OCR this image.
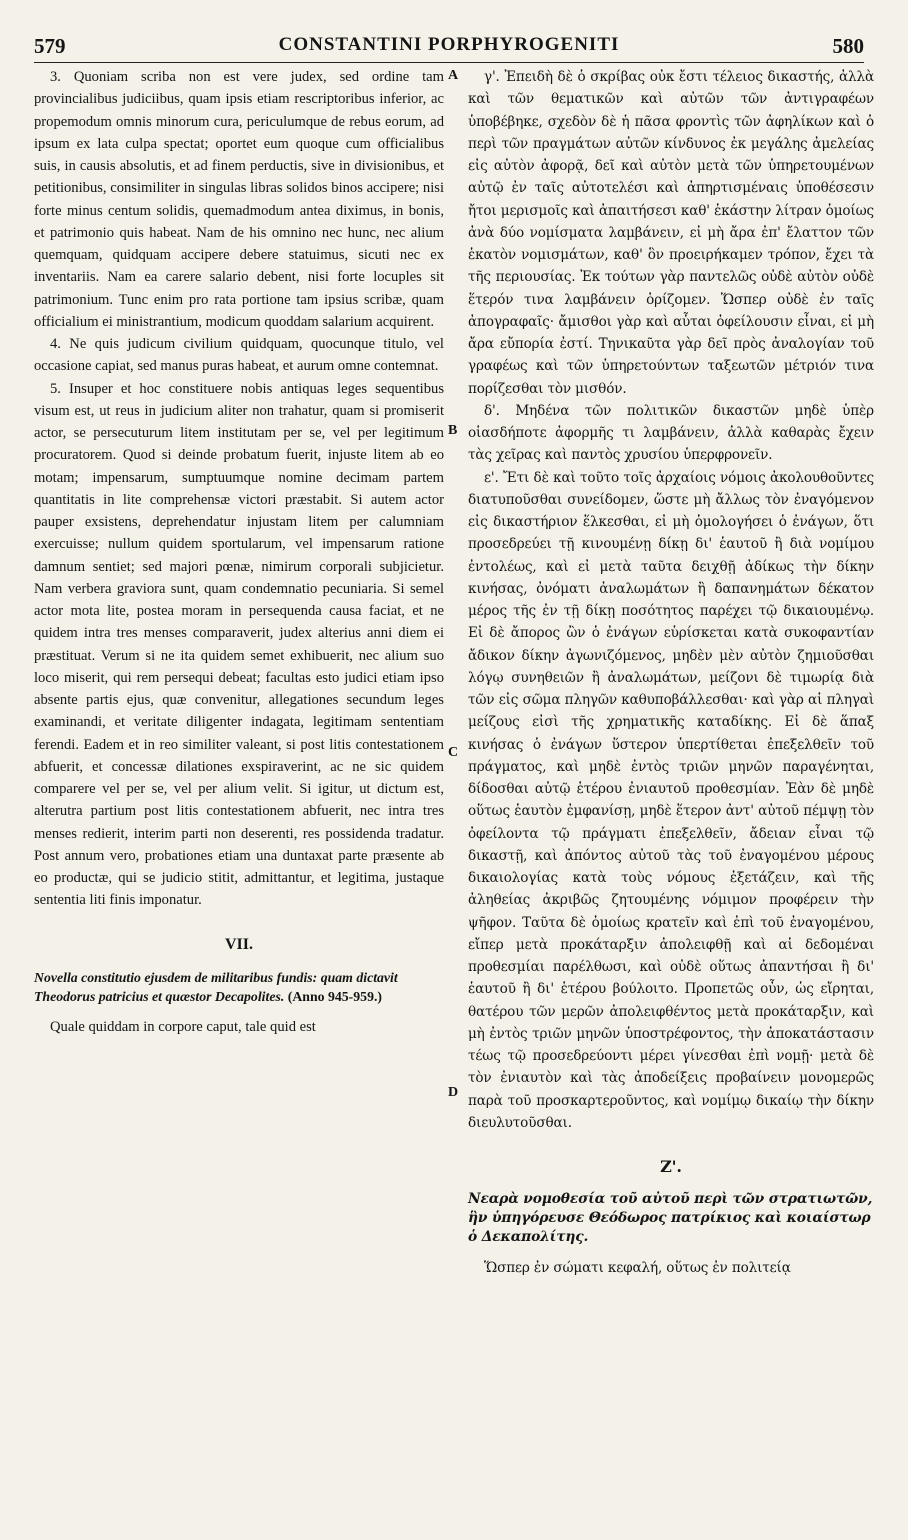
579	CONSTANTINI PORPHYROGENITI	580
A
B
C
D

3. Quoniam scriba non est vere judex, sed ordine tam provincialibus judiciibus, quam ipsis etiam rescriptoribus inferior, ac propemodum omnis minorum cura, periculumque de rebus eorum, ad ipsum ex lata culpa spectat; oportet eum quoque cum officialibus suis, in causis absolutis, et ad finem perductis, sive in divisionibus, et petitionibus, consimiliter in singulas libras solidos binos accipere; nisi forte minus centum solidis, quemadmodum antea diximus, in bonis, et patrimonio quis habeat. Nam de his omnino nec hunc, nec alium quemquam, quidquam accipere debere statuimus, sicuti nec ex inventariis. Nam ea carere salario debent, nisi forte locuples sit patrimonium. Tunc enim pro rata portione tam ipsius scribæ, quam officialium ei ministrantium, modicum quoddam salarium acquirent.

4. Ne quis judicum civilium quidquam, quocunque titulo, vel occasione capiat, sed manus puras habeat, et aurum omne contemnat.

5. Insuper et hoc constituere nobis antiquas leges sequentibus visum est, ut reus in judicium aliter non trahatur, quam si promiserit actor, se persecuturum litem institutam per se, vel per legitimum procuratorem. Quod si deinde probatum fuerit, injuste litem ab eo motam; impensarum, sumptuumque nomine decimam partem quantitatis in lite comprehensæ victori præstabit. Si autem actor pauper exsistens, deprehendatur injustam litem per calumniam exercuisse; nullum quidem sportularum, vel impensarum ratione damnum sentiet; sed majori pœnæ, nimirum corporali subjicietur. Nam verbera graviora sunt, quam condemnatio pecuniaria. Si semel actor mota lite, postea moram in persequenda causa faciat, et ne quidem intra tres menses comparaverit, judex alterius anni diem ei præstituat. Verum si ne ita quidem semet exhibuerit, nec alium suo loco miserit, qui rem persequi debeat; facultas esto judici etiam ipso absente partis ejus, quæ convenitur, allegationes secundum leges examinandi, et veritate diligenter indagata, legitimam sententiam ferendi. Eadem et in reo similiter valeant, si post litis contestationem abfuerit, et concessæ dilationes exspiraverint, ac ne sic quidem comparere vel per se, vel per alium velit. Si igitur, ut dictum est, alterutra partium post litis contestationem abfuerit, nec intra tres menses redierit, interim parti non deserenti, res possidenda tradatur. Post annum vero, probationes etiam una duntaxat parte præsente ab eo productæ, qui se judicio stitit, admittantur, et legitima, justaque sententia liti finis imponatur.

VII.

Novella constitutio ejusdem de militaribus fundis: quam dictavit Theodorus patricius et quæstor Decapolites. (Anno 945-959.)

Quale quiddam in corpore caput, tale quid est

γ'. Ἐπειδὴ δὲ ὁ σκρίβας οὐκ ἔστι τέλειος δικαστής, ἀλλὰ καὶ τῶν θεματικῶν καὶ αὐτῶν τῶν ἀντιγραφέων ὑποβέβηκε, σχεδὸν δὲ ἡ πᾶσα φροντὶς τῶν ἀφηλίκων καὶ ὁ περὶ τῶν πραγμάτων αὐτῶν κίνδυνος ἐκ μεγάλης ἀμελείας εἰς αὐτὸν ἀφορᾷ, δεῖ καὶ αὐτὸν μετὰ τῶν ὑπηρετουμένων αὐτῷ ἐν ταῖς αὐτοτελέσι καὶ ἀπηρτισμέναις ὑποθέσεσιν ἤτοι μερισμοῖς καὶ ἀπαιτήσεσι καθ' ἑκάστην λίτραν ὁμοίως ἀνὰ δύο νομίσματα λαμβάνειν, εἰ μὴ ἄρα ἐπ' ἔλαττον τῶν ἑκατὸν νομισμάτων, καθ' ὃν προειρήκαμεν τρόπον, ἔχει τὰ τῆς περιουσίας. Ἐκ τούτων γὰρ παντελῶς οὐδὲ αὐτὸν οὐδὲ ἕτερόν τινα λαμβάνειν ὁρίζομεν. Ὥσπερ οὐδὲ ἐν ταῖς ἀπογραφαῖς· ἄμισθοι γὰρ καὶ αὗται ὀφείλουσιν εἶναι, εἰ μὴ ἄρα εὔπορία ἐστί. Τηνικαῦτα γὰρ δεῖ πρὸς ἀναλογίαν τοῦ γραφέως καὶ τῶν ὑπηρετούντων ταξεωτῶν μέτριόν τινα πορίζεσθαι τὸν μισθόν.

δ'. Μηδένα τῶν πολιτικῶν δικαστῶν μηδὲ ὑπὲρ οἱασδήποτε ἀφορμῆς τι λαμβάνειν, ἀλλὰ καθαρὰς ἔχειν τὰς χεῖρας καὶ παντὸς χρυσίου ὑπερφρονεῖν.

ε'. Ἔτι δὲ καὶ τοῦτο τοῖς ἀρχαίοις νόμοις ἀκολουθοῦντες διατυποῦσθαι συνείδομεν, ὥστε μὴ ἄλλως τὸν ἐναγόμενον εἰς δικαστήριον ἕλκεσθαι, εἰ μὴ ὁμολογήσει ὁ ἐνάγων, ὅτι προσεδρεύει τῇ κινουμένῃ δίκῃ δι' ἑαυτοῦ ἢ διὰ νομίμου ἐντολέως, καὶ εἰ μετὰ ταῦτα δειχθῇ ἀδίκως τὴν δίκην κινήσας, ὀνόματι ἀναλωμάτων ἢ δαπανημάτων δέκατον μέρος τῆς ἐν τῇ δίκῃ ποσότητος παρέχει τῷ δικαιουμένῳ. Εἰ δὲ ἄπορος ὢν ὁ ἐνάγων εὑρίσκεται κατὰ συκοφαντίαν ἄδικον δίκην ἀγωνιζόμενος, μηδὲν μὲν αὐτὸν ζημιοῦσθαι λόγῳ συνηθειῶν ἢ ἀναλωμάτων, μείζονι δὲ τιμωρίᾳ διὰ τῶν εἰς σῶμα πληγῶν καθυποβάλλεσθαι· καὶ γὰρ αἱ πληγαὶ μείζους εἰσὶ τῆς χρηματικῆς καταδίκης. Εἰ δὲ ἅπαξ κινήσας ὁ ἐνάγων ὕστερον ὑπερτίθεται ἐπεξελθεῖν τοῦ πράγματος, καὶ μηδὲ ἐντὸς τριῶν μηνῶν παραγένηται, δίδοσθαι αὐτῷ ἑτέρου ἐνιαυτοῦ προθεσμίαν. Ἐὰν δὲ μηδὲ οὕτως ἑαυτὸν ἐμφανίσῃ, μηδὲ ἕτερον ἀντ' αὐτοῦ πέμψῃ τὸν ὀφείλοντα τῷ πράγματι ἐπεξελθεῖν, ἄδειαν εἶναι τῷ δικαστῇ, καὶ ἀπόντος αὐτοῦ τὰς τοῦ ἐναγομένου μέρους δικαιολογίας κατὰ τοὺς νόμους ἐξετάζειν, καὶ τῆς ἀληθείας ἀκριβῶς ζητουμένης νόμιμον προφέρειν τὴν ψῆφον. Ταῦτα δὲ ὁμοίως κρατεῖν καὶ ἐπὶ τοῦ ἐναγομένου, εἴπερ μετὰ προκάταρξιν ἀπολειφθῇ καὶ αἱ δεδομέναι προθεσμίαι παρέλθωσι, καὶ οὐδὲ οὕτως ἀπαντήσαι ἢ δι' ἑαυτοῦ ἢ δι' ἑτέρου βούλοιτο. Προπετῶς οὖν, ὡς εἴρηται, θατέρου τῶν μερῶν ἀπολειφθέντος μετὰ προκάταρξιν, καὶ μὴ ἐντὸς τριῶν μηνῶν ὑποστρέφοντος, τὴν ἀποκατάστασιν τέως τῷ προσεδρεύοντι μέρει γίνεσθαι ἐπὶ νομῇ· μετὰ δὲ τὸν ἐνιαυτὸν καὶ τὰς ἀποδείξεις προβαίνειν μονομερῶς παρὰ τοῦ προσκαρτεροῦντος, καὶ νομίμῳ δικαίῳ τὴν δίκην διευλυτοῦσθαι.

Ζ'.

Νεαρὰ νομοθεσία τοῦ αὐτοῦ περὶ τῶν στρατιωτῶν, ἣν ὑπηγόρευσε Θεόδωρος πατρίκιος καὶ κοιαίστωρ ὁ Δεκαπολίτης.

Ὥσπερ ἐν σώματι κεφαλή, οὕτως ἐν πολιτείᾳ
